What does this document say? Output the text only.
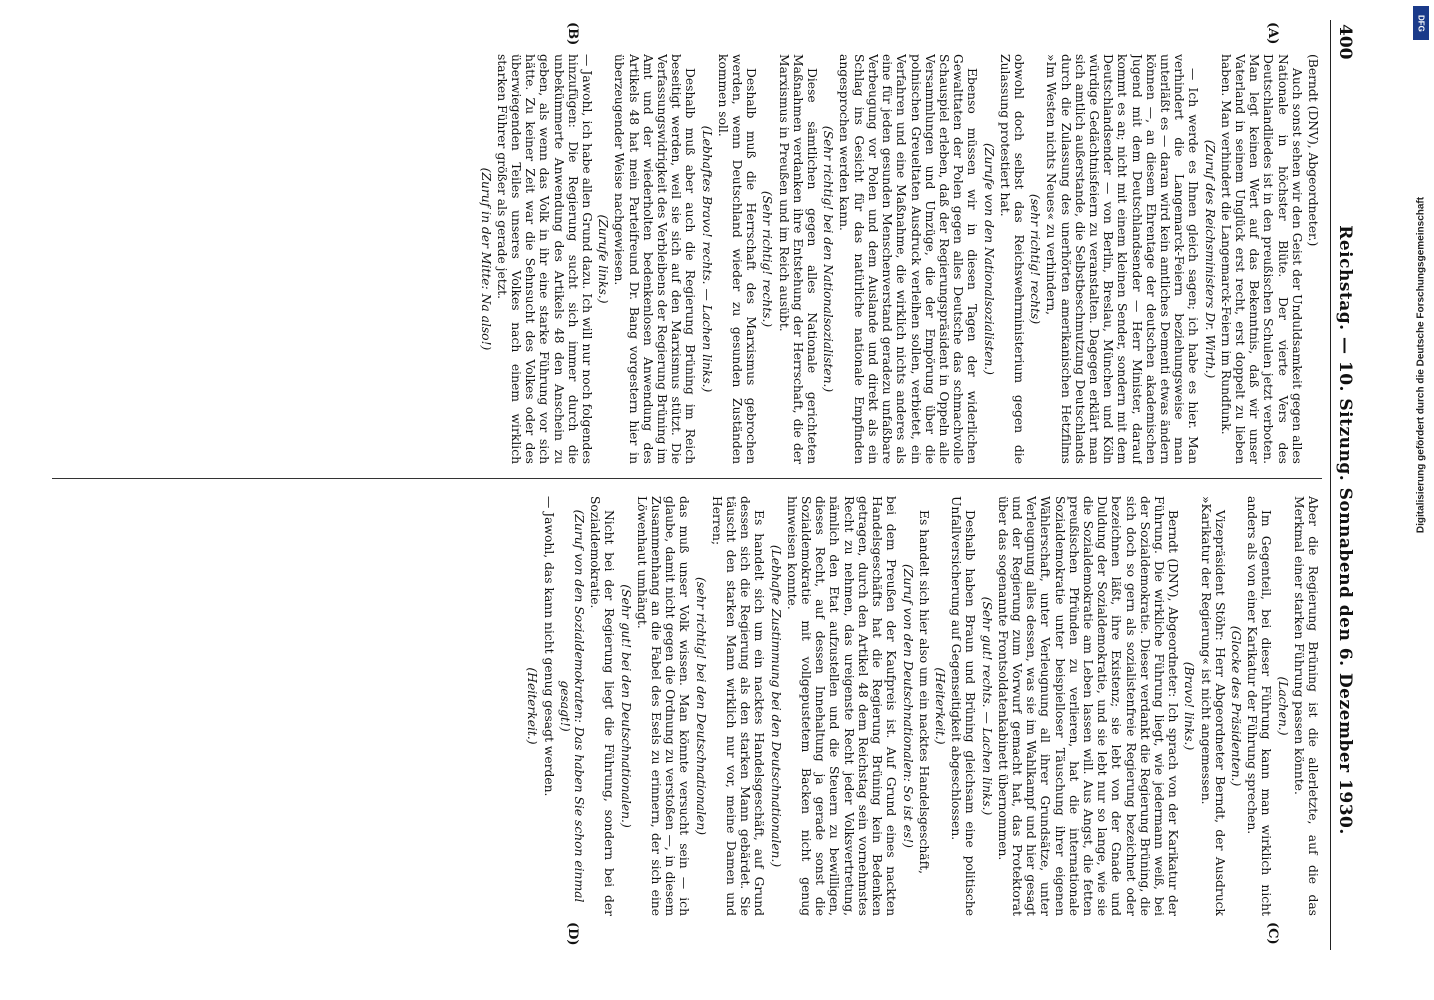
400
Reichstag. — 10. Sitzung. Sonnabend den 6. Dezember 1930.
(A)
(B)
(C)
(D)

(Berndt (DNV), Abgeordneter.)

Auch sonst sehen wir den Geist der Unduldsamkeit gegen alles Nationale in höchster Blüte. Der vierte Vers des Deutschlandliedes ist in den preußischen Schulen jetzt verboten. Man legt keinen Wert auf das Bekenntnis, daß wir unser Vaterland in seinem Unglück erst recht, erst doppelt zu lieben haben. Man verhindert die Langemarck-Feiern im Rundfunk.

(Zuruf des Reichsministers Dr. Wirth.)

— Ich werde es Ihnen gleich sagen; ich habe es hier. Man verhindert die Langemarck-Feiern beziehungsweise man unterläßt es — daran wird kein amtliches Dementi etwas ändern können —, an diesem Ehrentage der deutschen akademischen Jugend mit dem Deutschlandsender — Herr Minister, darauf kommt es an; nicht mit einem kleinen Sender, sondern mit dem Deutschlandsender — von Berlin, Breslau, München und Köln würdige Gedächtnisfeiern zu veranstalten. Dagegen erklärt man sich amtlich außerstande, die Selbstbeschmutzung Deutschlands durch die Zulassung des unerhörten amerikanischen Hetzfilms »Im Westen nichts Neues« zu verhindern,

(sehr richtig! rechts)

obwohl doch selbst das Reichswehrministerium gegen die Zulassung protestiert hat.

(Zurufe von den Nationalsozialisten.)

Ebenso müssen wir in diesen Tagen der widerlichen Gewalttaten der Polen gegen alles Deutsche das schmachvolle Schauspiel erleben, daß der Regierungspräsident in Oppeln alle Versammlungen und Umzüge, die der Empörung über die polnischen Greueltaten Ausdruck verleihen sollen, verbietet, ein Verfahren und eine Maßnahme, die wirklich nichts anderes als eine für jeden gesunden Menschenverstand geradezu unfaßbare Verbeugung vor Polen und dem Auslande und direkt als ein Schlag ins Gesicht für das natürliche nationale Empfinden angesprochen werden kann.

(Sehr richtig! bei den Nationalsozialisten.)

Diese sämtlichen gegen alles Nationale gerichteten Maßnahmen verdanken ihre Entstehung der Herrschaft, die der Marxismus in Preußen und im Reich ausübt.

(Sehr richtig! rechts.)

Deshalb muß die Herrschaft des Marxismus gebrochen werden, wenn Deutschland wieder zu gesunden Zuständen kommen soll.

(Lebhaftes Bravo! rechts. — Lachen links.)

Deshalb muß aber auch die Regierung Brüning im Reich beseitigt werden, weil sie sich auf den Marxismus stützt. Die Verfassungswidrigkeit des Verbleibens der Regierung Brüning im Amt und der wiederholten bedenkenlosen Anwendung des Artikels 48 hat mein Parteifreund Dr. Bang vorgestern hier in überzeugender Weise nachgewiesen.

(Zurufe links.)

— Jawohl, ich habe allen Grund dazu. Ich will nur noch folgendes hinzufügen: Die Regierung sucht sich immer durch die unbekümmerte Anwendung des Artikels 48 den Anschein zu geben, als wenn das Volk in ihr eine starke Führung vor sich hätte. Zu keiner Zeit war die Sehnsucht des Volkes oder des überwiegenden Teiles unseres Volkes nach einem wirklich starken Führer größer als gerade jetzt.

(Zuruf in der Mitte: Na also!)

Aber die Regierung Brüning ist die allerletzte, auf die das Merkmal einer starken Führung passen könnte.

(Lachen.)

Im Gegenteil, bei dieser Führung kann man wirklich nicht anders als von einer Karikatur der Führung sprechen.

(Glocke des Präsidenten.)

Vizepräsident Stöhr: Herr Abgeordneter Berndt, der Ausdruck »Karikatur der Regierung« ist nicht angemessen.

(Bravo! links.)

Berndt (DNV), Abgeordneter: Ich sprach von der Karikatur der Führung. Die wirkliche Führung liegt, wie jedermann weiß, bei der Sozialdemokratie. Dieser verdankt die Regierung Brüning, die sich doch so gern als sozialistenfreie Regierung bezeichnet oder bezeichnen läßt, ihre Existenz; sie lebt von der Gnade und Duldung der Sozialdemokratie, und sie lebt nur so lange, wie sie die Sozialdemokratie am Leben lassen will. Aus Angst, die fetten preußischen Pfründen zu verlieren, hat die internationale Sozialdemokratie unter beispielloser Täuschung ihrer eigenen Wählerschaft, unter Verleugnung all ihrer Grundsätze, unter Verleugnung alles dessen, was sie im Wahlkampf und hier gesagt und der Regierung zum Vorwurf gemacht hat, das Protektorat über das sogenannte Frontsoldatenkabinett übernommen.

(Sehr gut! rechts. — Lachen links.)

Deshalb haben Braun und Brüning gleichsam eine politische Unfallversicherung auf Gegenseitigkeit abgeschlossen.

(Heiterkeit.)

Es handelt sich hier also um ein nacktes Handelsgeschäft,

(Zuruf von den Deutschnationalen: So ist es!)

bei dem Preußen der Kaufpreis ist. Auf Grund eines nackten Handelsgeschäfts hat die Regierung Brüning kein Bedenken getragen, durch den Artikel 48 dem Reichstag sein vornehmstes Recht zu nehmen, das ureigenste Recht jeder Volksvertretung, nämlich den Etat aufzustellen und die Steuern zu bewilligen, dieses Recht, auf dessen Innehaltung ja gerade sonst die Sozialdemokratie mit vollgepustetem Backen nicht genug hinweisen konnte.

(Lebhafte Zustimmung bei den Deutschnationalen.)

Es handelt sich um ein nacktes Handelsgeschäft, auf Grund dessen sich die Regierung als den starken Mann gebärdet. Sie täuscht den starken Mann wirklich nur vor, meine Damen und Herren;

(sehr richtig! bei den Deutschnationalen)

das muß unser Volk wissen. Man könnte versucht sein — ich glaube, damit nicht gegen die Ordnung zu verstoßen —, in diesem Zusammenhang an die Fabel des Esels zu erinnern, der sich eine Löwenhaut umhängt.

(Sehr gut! bei den Deutschnationalen.)

Nicht bei der Regierung liegt die Führung, sondern bei der Sozialdemokratie.

(Zuruf von den Sozialdemokraten: Das haben Sie schon einmal gesagt!)

— Jawohl, das kann nicht genug gesagt werden.

(Heiterkeit.)

Digitalisierung gefördert durch die Deutsche Forschungsgemeinschaft
DFG
